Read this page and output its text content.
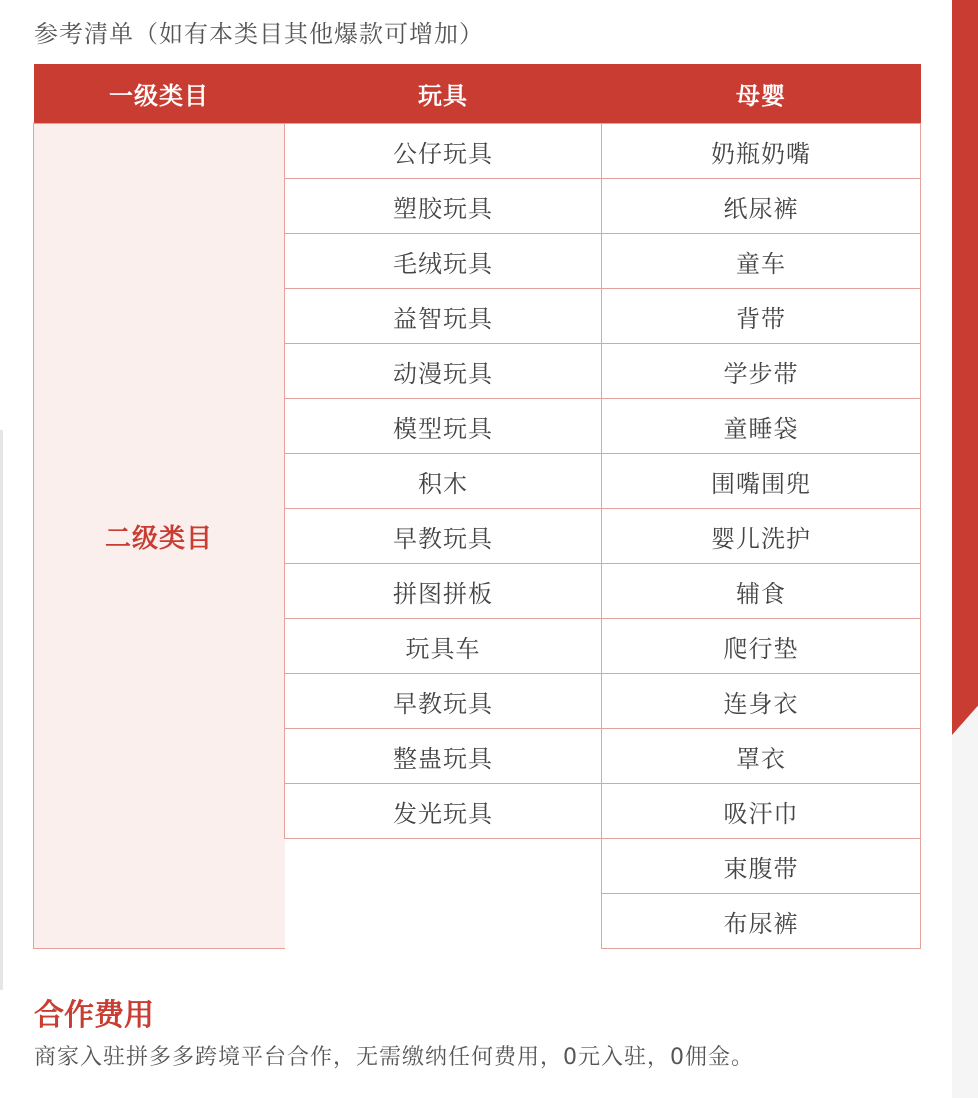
参考清单（如有本类目其他爆款可增加）
一级类目	玩具	母婴
二级类目	公仔玩具	奶瓶奶嘴
	塑胶玩具	纸尿裤
	毛绒玩具	童车
	益智玩具	背带
	动漫玩具	学步带
	模型玩具	童睡袋
	积木	围嘴围兜
	早教玩具	婴儿洗护
	拼图拼板	辅食
	玩具车	爬行垫
	早教玩具	连身衣
	整蛊玩具	罩衣
	发光玩具	吸汗巾
		束腹带
		布尿裤
合作费用
商家入驻拼多多跨境平台合作，无需缴纳任何费用，0元入驻，0佣金。
